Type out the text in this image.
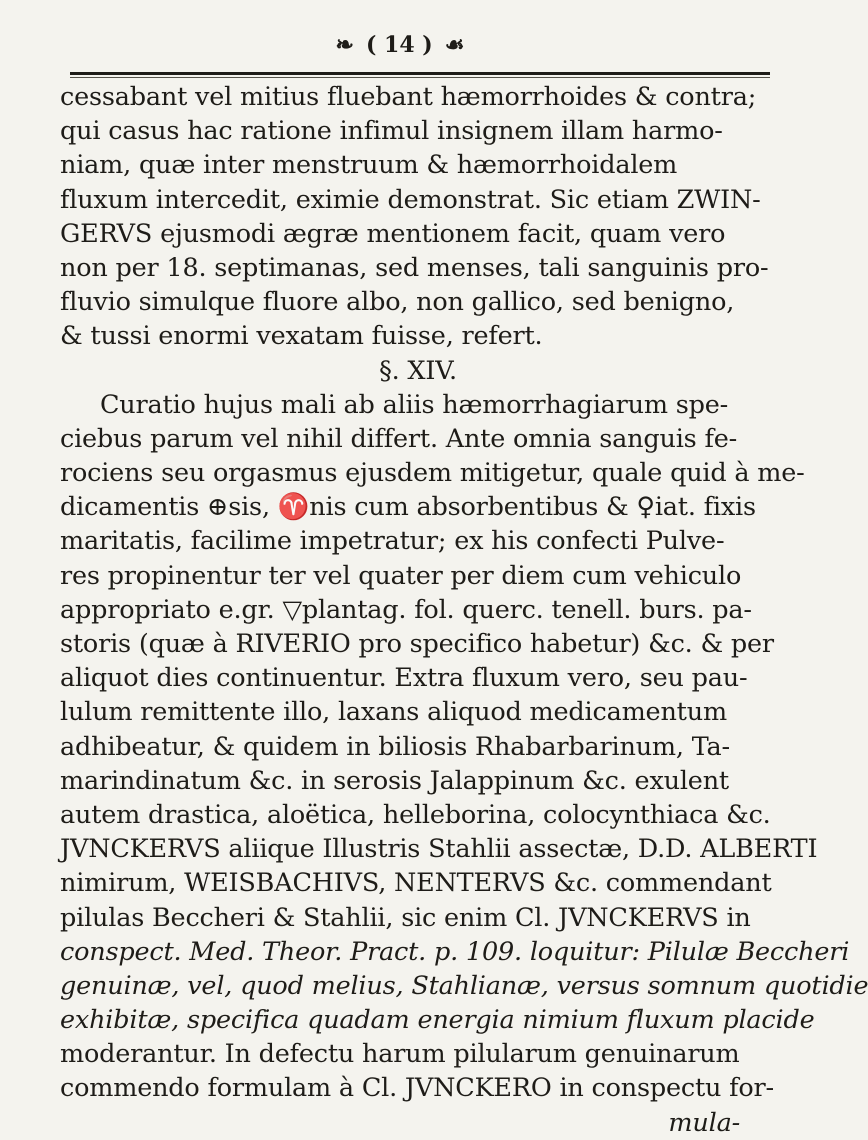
❧ ( 14 ) ☙
cessabant vel mitius fluebant hæmorrhoides & contra;
qui casus hac ratione infimul insignem illam harmo-
niam, quæ inter menstruum & hæmorrhoidalem
fluxum intercedit, eximie demonstrat. Sic etiam ZWIN-
GERVS ejusmodi ægræ mentionem facit, quam vero
non per 18. septimanas, sed menses, tali sanguinis pro-
fluvio simulque fluore albo, non gallico, sed benigno,
& tussi enormi vexatam fuisse, refert.
§. XIV.
Curatio hujus mali ab aliis hæmorrhagiarum spe-
ciebus parum vel nihil differt. Ante omnia sanguis fe-
rociens seu orgasmus ejusdem mitigetur, quale quid à me-
dicamentis ⊕sis, ♈nis cum absorbentibus & ♀iat. fixis
maritatis, facilime impetratur; ex his confecti Pulve-
res propinentur ter vel quater per diem cum vehiculo
appropriato e.gr. ▽plantag. fol. querc. tenell. burs. pa-
storis (quæ à RIVERIO pro specifico habetur) &c. & per
aliquot dies continuentur. Extra fluxum vero, seu pau-
lulum remittente illo, laxans aliquod medicamentum
adhibeatur, & quidem in biliosis Rhabarbarinum, Ta-
marindinatum &c. in serosis Jalappinum &c. exulent
autem drastica, aloëtica, helleborina, colocynthiaca &c.
JVNCKERVS aliique Illustris Stahlii assectæ, D.D. ALBERTI
nimirum, WEISBACHIVS, NENTERVS &c. commendant
pilulas Beccheri & Stahlii, sic enim Cl. JVNCKERVS in
conspect. Med. Theor. Pract. p. 109. loquitur: Pilulæ Beccheri
genuinæ, vel, quod melius, Stahlianæ, versus somnum quotidie
exhibitæ, specifica quadam energia nimium fluxum placide
moderantur. In defectu harum pilularum genuinarum
commendo formulam à Cl. JVNCKERO in conspectu for-
mula-
